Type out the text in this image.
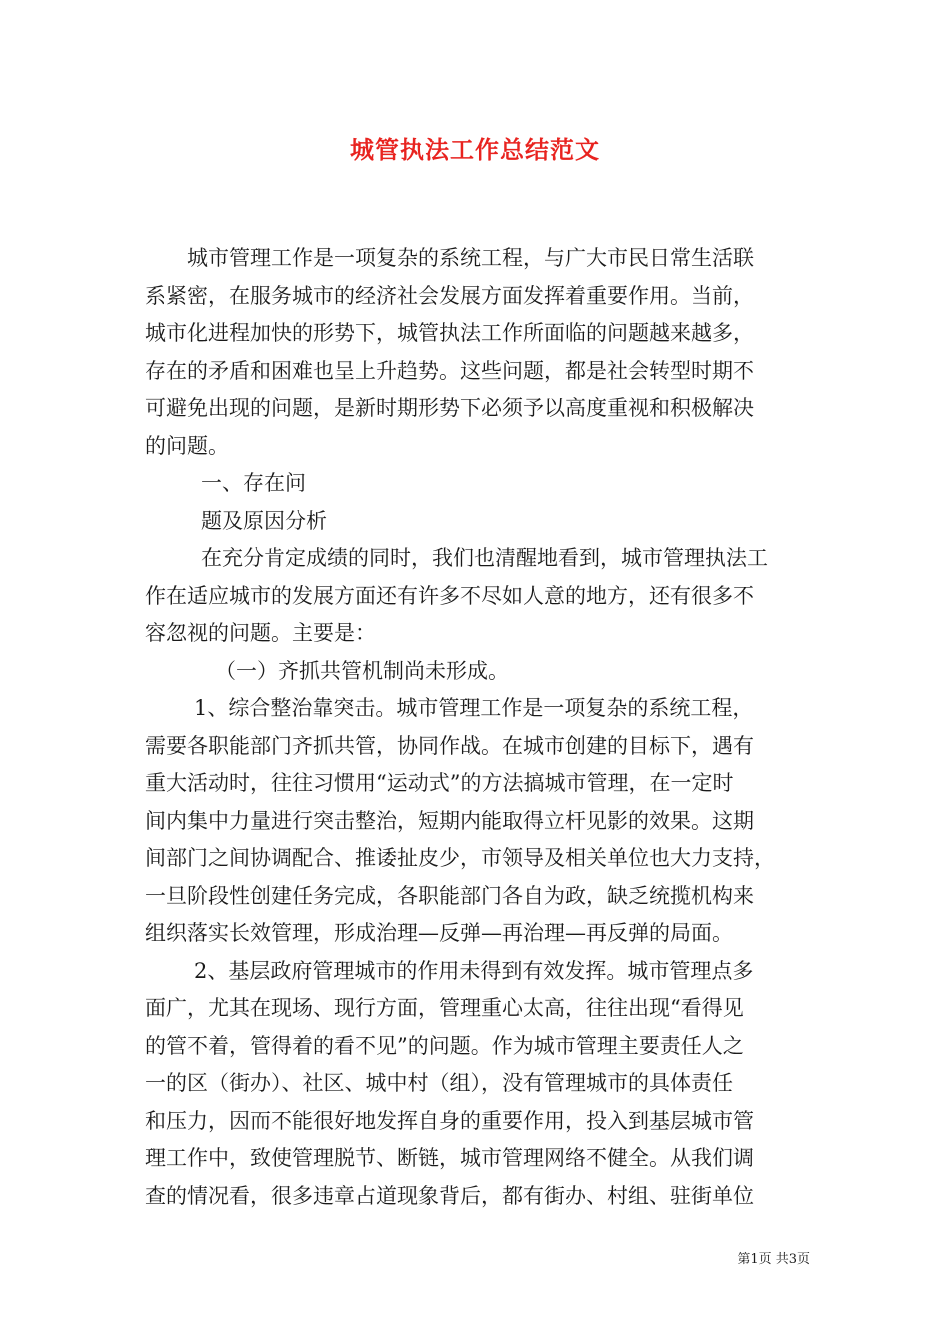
城管执法工作总结范文
城市管理工作是一项复杂的系统工程，与广大市民日常生活联
系紧密，在服务城市的经济社会发展方面发挥着重要作用。当前，
城市化进程加快的形势下，城管执法工作所面临的问题越来越多，
存在的矛盾和困难也呈上升趋势。这些问题，都是社会转型时期不
可避免出现的问题，是新时期形势下必须予以高度重视和积极解决
的问题。
一、存在问
题及原因分析
在充分肯定成绩的同时，我们也清醒地看到，城市管理执法工
作在适应城市的发展方面还有许多不尽如人意的地方，还有很多不
容忽视的问题。主要是：
（一）齐抓共管机制尚未形成。
1、综合整治靠突击。城市管理工作是一项复杂的系统工程，
需要各职能部门齐抓共管，协同作战。在城市创建的目标下，遇有
重大活动时，往往习惯用“运动式”的方法搞城市管理，在一定时
间内集中力量进行突击整治，短期内能取得立杆见影的效果。这期
间部门之间协调配合、推诿扯皮少，市领导及相关单位也大力支持，
一旦阶段性创建任务完成，各职能部门各自为政，缺乏统揽机构来
组织落实长效管理，形成治理—反弹—再治理—再反弹的局面。
2、基层政府管理城市的作用未得到有效发挥。城市管理点多
面广，尤其在现场、现行方面，管理重心太高，往往出现“看得见
的管不着，管得着的看不见”的问题。作为城市管理主要责任人之
一的区（街办）、社区、城中村（组），没有管理城市的具体责任
和压力，因而不能很好地发挥自身的重要作用，投入到基层城市管
理工作中，致使管理脱节、断链，城市管理网络不健全。从我们调
查的情况看，很多违章占道现象背后，都有街办、村组、驻街单位
第1页 共3页
